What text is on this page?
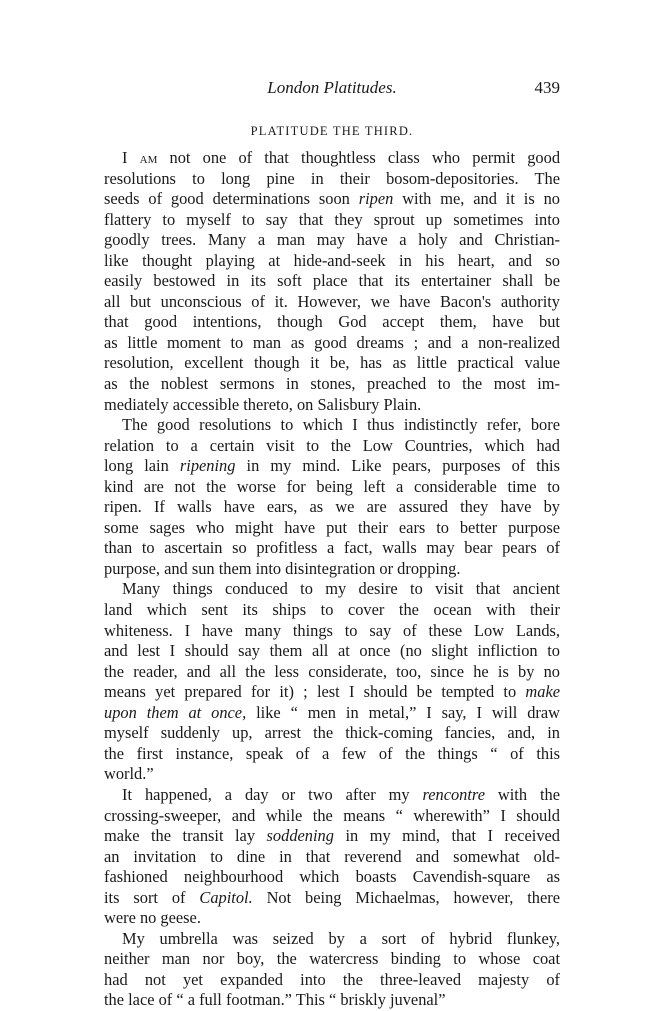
London Platitudes.	439
PLATITUDE THE THIRD.
I am not one of that thoughtless class who permit good
resolutions to long pine in their bosom-depositories. The
seeds of good determinations soon ripen with me, and it is no
flattery to myself to say that they sprout up sometimes into
goodly trees. Many a man may have a holy and Christian-
like thought playing at hide-and-seek in his heart, and so
easily bestowed in its soft place that its entertainer shall be
all but unconscious of it. However, we have Bacon's authority
that good intentions, though God accept them, have but
as little moment to man as good dreams ; and a non-realized
resolution, excellent though it be, has as little practical value
as the noblest sermons in stones, preached to the most im-
mediately accessible thereto, on Salisbury Plain.
The good resolutions to which I thus indistinctly refer, bore
relation to a certain visit to the Low Countries, which had
long lain ripening in my mind. Like pears, purposes of this
kind are not the worse for being left a considerable time to
ripen. If walls have ears, as we are assured they have by
some sages who might have put their ears to better purpose
than to ascertain so profitless a fact, walls may bear pears of
purpose, and sun them into disintegration or dropping.
Many things conduced to my desire to visit that ancient
land which sent its ships to cover the ocean with their
whiteness. I have many things to say of these Low Lands,
and lest I should say them all at once (no slight infliction to
the reader, and all the less considerate, too, since he is by no
means yet prepared for it) ; lest I should be tempted to make
upon them at once, like “ men in metal,” I say, I will draw
myself suddenly up, arrest the thick-coming fancies, and, in
the first instance, speak of a few of the things “ of this
world.”
It happened, a day or two after my rencontre with the
crossing-sweeper, and while the means “ wherewith” I should
make the transit lay soddening in my mind, that I received
an invitation to dine in that reverend and somewhat old-
fashioned neighbourhood which boasts Cavendish-square as
its sort of Capitol. Not being Michaelmas, however, there
were no geese.
My umbrella was seized by a sort of hybrid flunkey,
neither man nor boy, the watercress binding to whose coat
had not yet expanded into the three-leaved majesty of
the lace of “ a full footman.” This “ briskly juvenal”
